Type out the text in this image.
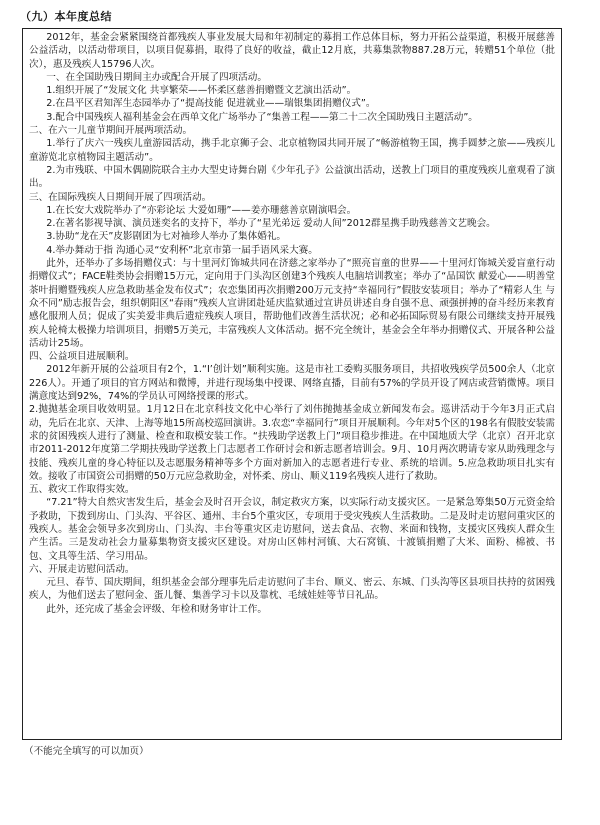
（九）本年度总结

2012年，基金会紧紧围绕首都残疾人事业发展大局和年初制定的募捐工作总体目标，努力开拓公益渠道，积极开展慈善公益活动，以活动带项目，以项目促募捐，取得了良好的收益，截止12月底，共募集款物887.28万元，转赠51个单位（批次），惠及残疾人15796人次。

一、在全国助残日期间主办或配合开展了四项活动。

1.组织开展了“发展文化 共享繁荣——怀柔区慈善捐赠暨文艺演出活动”。

2.在昌平区君知浑生态园举办了“提高技能 促进就业——瑞银集团捐赠仪式”。

3.配合中国残疾人福利基金会在西单文化广场举办了“集善工程——第二十二次全国助残日主题活动”。

二、在六一儿童节期间开展两项活动。

1.举行了庆六一残疾儿童游园活动，携手北京狮子会、北京植物园共同开展了“畅游植物王国，携手圆梦之旅——残疾儿童游览北京植物园主题活动”。

2.为市残联、中国木偶剧院联合主办大型史诗舞台剧《少年孔子》公益演出活动，送教上门项目的重度残疾儿童观看了演出。

三、在国际残疾人日期间开展了四项活动。

1.在长安大戏院举办了“亦彩论坛 大爱如珊”——姜亦珊慈善京剧演唱会。

2.在著名影视导演、演员迷奕名的支持下，举办了“星光弟远 爱动人间”2012群星携手助残慈善文艺晚会。

3.协助“龙在天”皮影剧团为七对袖珍人举办了集体婚礼。

4.举办舞动于指 沟通心灵“安利杯”北京市第一届手语风采大赛。

此外，还举办了多场捐赠仪式：与十里河灯饰城共同在济慈之家举办了“照亮盲童的世界——十里河灯饰城关爱盲童行动捐赠仪式”；FACE鞋类协会捐赠15万元，定向用于门头沟区创建3个残疾人电脑培训教室；举办了“品国饮 献爱心——明善堂茶叶捐赠暨残疾人应急救助基金发布仪式”；农恋集团再次捐赠200万元支持“幸福同行”假肢安装项目；举办了“精彩人生 与众不同”励志报告会，组织朝阳区“春雨”残疾人宣讲团赴延庆监狱通过宣讲员讲述自身自强不息、顽强拼搏的奋斗经历来教育感化服刑人员；促成了实美爱非典后遗症残疾人项目，帮助他们改善生活状况；必和必拓国际贸易有限公司继续支持开展残疾人轮椅太极操力培训项目，捐赠5万美元，丰富残疾人文体活动。据不完全统计，基金会全年举办捐赠仪式、开展各种公益活动计25场。

四、公益项目进展顺利。

2012年新开展的公益项目有2个，1.“I’创计划”顺利实施。这是市社工委购买服务项目，共招收残疾学员500余人（北京226人）。开通了项目的官方网站和微博，并进行现场集中授课、网络直播，目前有57%的学员开设了网店或营销微博。项目满意度达到92%，74%的学员认可网络授课的形式。

2.抛抛基金项目收效明显。1月12日在北京科技文化中心举行了刘伟抛抛基金成立新闻发布会。巡讲活动于今年3月正式启动，先后在北京、天津、上海等地15所高校巡回演讲。3.农恋“幸福同行”项目开展顺利。今年对5个区的198名有假肢安装需求的贫困残疾人进行了测量、检查和取模安装工作。“扶残助学送教上门”项目稳步推进。在中国地质大学（北京）召开北京市2011-2012年度第二学期扶残助学送教上门志愿者工作研讨会和新志愿者培训会。9月、10月两次聘请专家从助残理念与技能、残疾儿童的身心特征以及志愿服务精神等多个方面对新加入的志愿者进行专业、系统的培训。5.应急救助项目扎实有效。接收了市国资公司捐赠的50万元应急救助金，对怀柔、房山、顺义119名残疾人进行了救助。

五、救灾工作取得实效。

“7.21”特大自然灾害发生后，基金会及时召开会议，制定救灾方案，以实际行动支援灾区。一是紧急筹集50万元资金给予救助，下拨到房山、门头沟、平谷区、通州、丰台5个重灾区，专项用于受灾残疾人生活救助。二是及时走访慰问重灾区的残疾人。基金会领导多次到房山、门头沟、丰台等重灾区走访慰问，送去食品、衣物、米面和钱物，支援灾区残疾人群众生产生活。三是发动社会力量募集物资支援灾区建设。对房山区韩村河镇、大石窝镇、十渡镇捐赠了大米、面粉、棉被、书包、文具等生活、学习用品。

六、开展走访慰问活动。

元旦、春节、国庆期间，组织基金会部分理事先后走访慰问了丰台、顺义、密云、东城、门头沟等区县项目扶持的贫困残疾人，为他们送去了慰问金、蛋儿餐、集善学习卡以及靠枕、毛绒娃娃等节日礼品。

此外，还完成了基金会评级、年检和财务审计工作。

（不能完全填写的可以加页）
